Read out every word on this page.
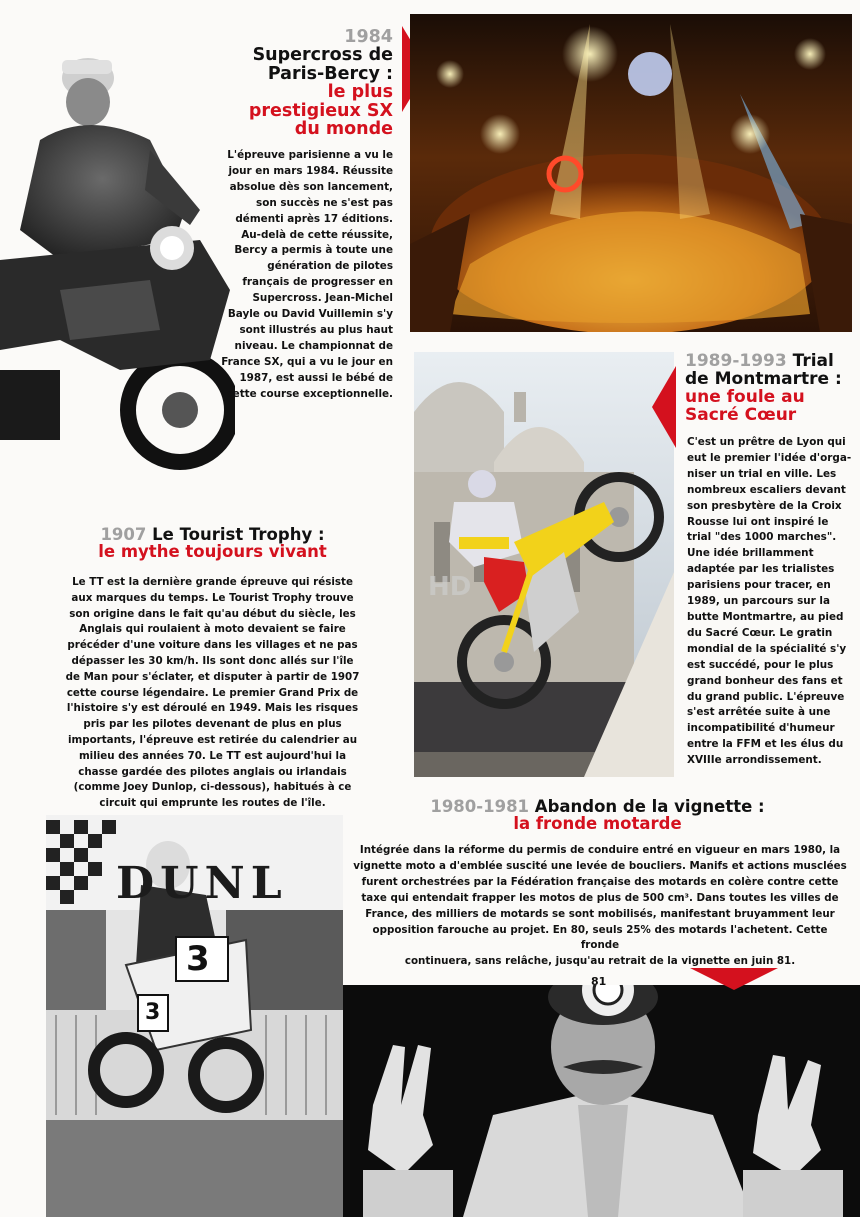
1984
Supercross de
Paris-Bercy :
le plus
prestigieux SX
du monde
L'épreuve parisienne a vu le
jour en mars 1984. Réussite
absolue dès son lancement,
son succès ne s'est pas
démenti après 17 éditions.
Au-delà de cette réussite,
Bercy a permis à toute une
génération de pilotes
français de progresser en
Supercross. Jean-Michel
Bayle ou David Vuillemin s'y
sont illustrés au plus haut
niveau. Le championnat de
France SX, qui a vu le jour en
1987, est aussi le bébé de
cette course exceptionnelle.
HD
1989-1993 Trial
de Montmartre :
une foule au
Sacré Cœur
C'est un prêtre de Lyon qui
eut le premier l'idée d'orga-
niser un trial en ville. Les
nombreux escaliers devant
son presbytère de la Croix
Rousse lui ont inspiré le
trial "des 1000 marches".
Une idée brillamment
adaptée par les trialistes
parisiens pour tracer, en
1989, un parcours sur la
butte Montmartre, au pied
du Sacré Cœur. Le gratin
mondial de la spécialité s'y
est succédé, pour le plus
grand bonheur des fans et
du grand public. L'épreuve
s'est arrêtée suite à une
incompatibilité d'humeur
entre la FFM et les élus du
XVIIIe arrondissement.
1907 Le Tourist Trophy :
le mythe toujours vivant
Le TT est la dernière grande épreuve qui résiste
aux marques du temps. Le Tourist Trophy trouve
son origine dans le fait qu'au début du siècle, les
Anglais qui roulaient à moto devaient se faire
précéder d'une voiture dans les villages et ne pas
dépasser les 30 km/h. Ils sont donc allés sur l'île
de Man pour s'éclater, et disputer à partir de 1907
cette course légendaire. Le premier Grand Prix de
l'histoire s'y est déroulé en 1949. Mais les risques
pris par les pilotes devenant de plus en plus
importants, l'épreuve est retirée du calendrier au
milieu des années 70. Le TT est aujourd'hui la
chasse gardée des pilotes anglais ou irlandais
(comme Joey Dunlop, ci-dessous), habitués à ce
circuit qui emprunte les routes de l'île.	1980-1981 Abandon de la vignette :
la fronde motarde
Intégrée dans la réforme du permis de conduire entré en vigueur en mars 1980, la
vignette moto a d'emblée suscité une levée de boucliers. Manifs et actions musclées
furent orchestrées par la Fédération française des motards en colère contre cette
taxe qui entendait frapper les motos de plus de 500 cm³. Dans toutes les villes de
France, des milliers de motards se sont mobilisés, manifestant bruyamment leur
opposition farouche au projet. En 80, seuls 25% des motards l'achetent. Cette fronde
continuera, sans relâche, jusqu'au retrait de la vignette en juin 81.
DUNL
3
3
81
